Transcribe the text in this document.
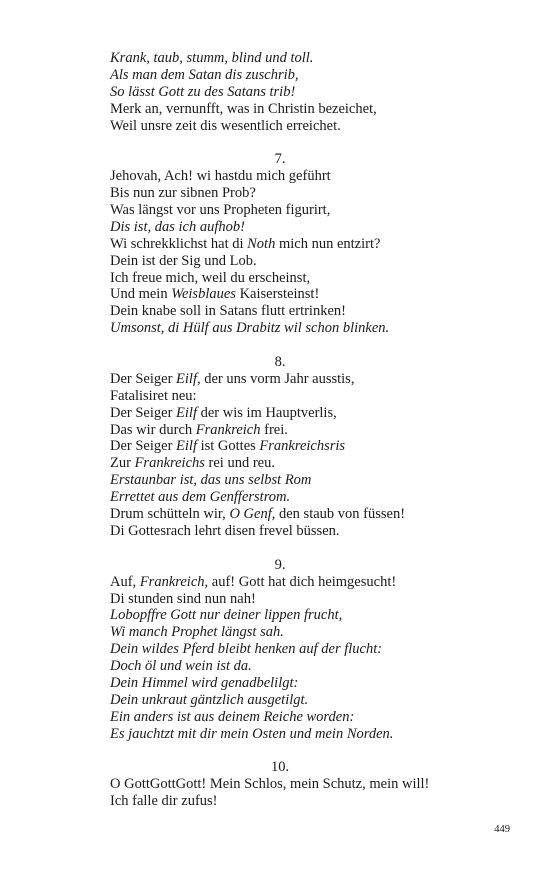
Krank, taub, stumm, blind und toll.
Als man dem Satan dis zuschrib,
So lässt Gott zu des Satans trib!
Merk an, vernunfft, was in Christin bezeichet,
Weil unsre zeit dis wesentlich erreichet.
7.
Jehovah, Ach! wi hastdu mich geführt
Bis nun zur sibnen Prob?
Was längst vor uns Propheten figurirt,
Dis ist, das ich aufhob!
Wi schrekklichst hat di Noth mich nun entzirt?
Dein ist der Sig und Lob.
Ich freue mich, weil du erscheinst,
Und mein Weisblaues Kaisersteinst!
Dein knabe soll in Satans flutt ertrinken!
Umsonst, di Hülf aus Drabitz wil schon blinken.
8.
Der Seiger Eilf, der uns vorm Jahr ausstis,
Fatalisiret neu:
Der Seiger Eilf der wis im Hauptverlis,
Das wir durch Frankreich frei.
Der Seiger Eilf ist Gottes Frankreichsris
Zur Frankreichs rei und reu.
Erstaunbar ist, das uns selbst Rom
Errettet aus dem Genfferstrom.
Drum schütteln wir, O Genf, den staub von füssen!
Di Gottesrach lehrt disen frevel büssen.
9.
Auf, Frankreich, auf! Gott hat dich heimgesucht!
Di stunden sind nun nah!
Lobopffre Gott nur deiner lippen frucht,
Wi manch Prophet längst sah.
Dein wildes Pferd bleibt henken auf der flucht:
Doch öl und wein ist da.
Dein Himmel wird genadbelilgt:
Dein unkraut gäntzlich ausgetilgt.
Ein anders ist aus deinem Reiche worden:
Es jauchtzt mit dir mein Osten und mein Norden.
10.
O GottGottGott! Mein Schlos, mein Schutz, mein will!
Ich falle dir zufus!
449
